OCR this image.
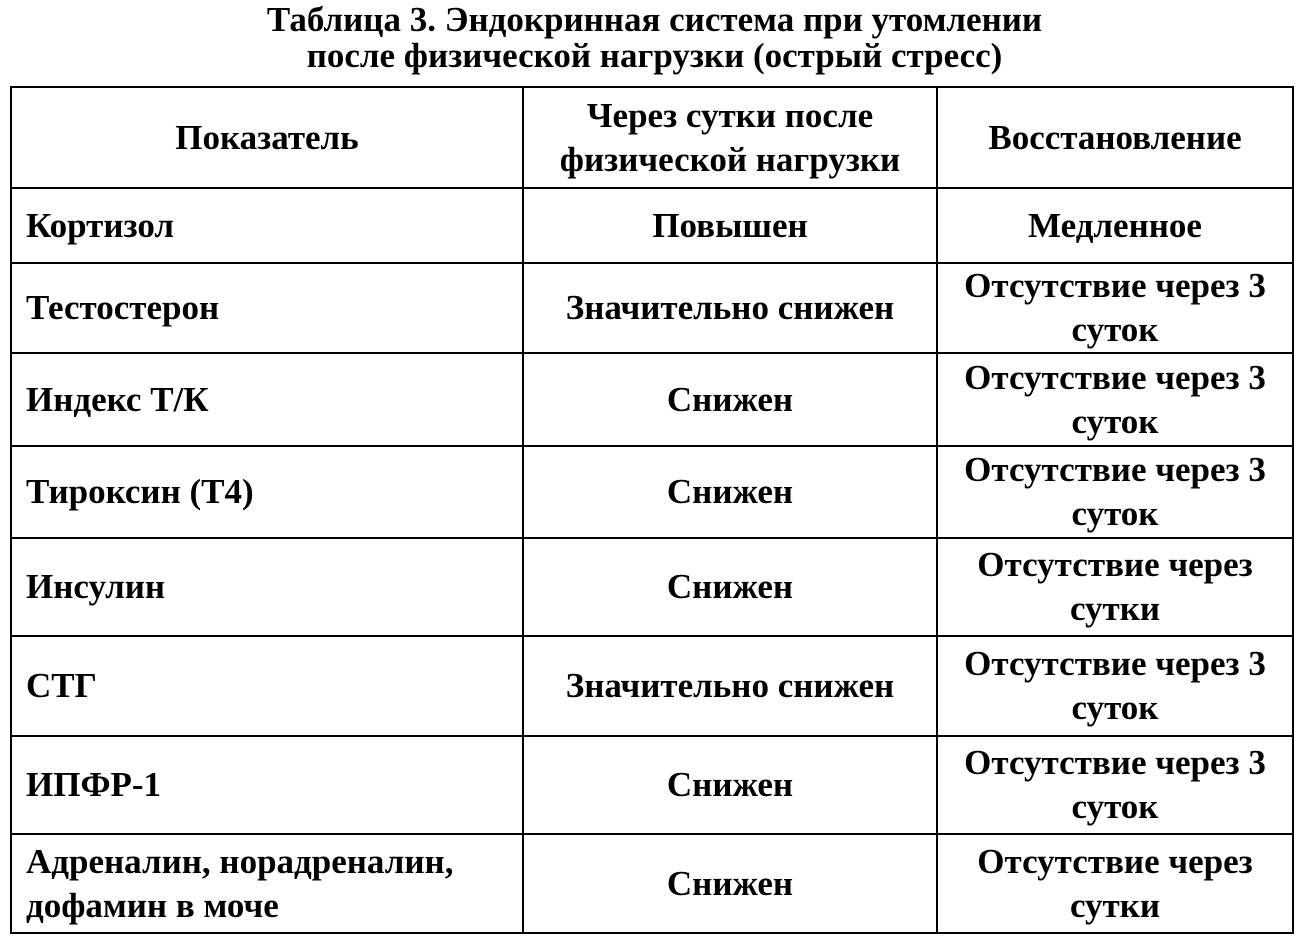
Таблица 3. Эндокринная система при утомлении
после физической нагрузки (острый стресс)
Показатель	Через сутки после физической нагрузки	Восстановление
Кортизол	Повышен	Медленное
Тестостерон	Значительно снижен	Отсутствие через 3 суток
Индекс Т/К	Снижен	Отсутствие через 3 суток
Тироксин (Т4)	Снижен	Отсутствие через 3 суток
Инсулин	Снижен	Отсутствие через сутки
СТГ	Значительно снижен	Отсутствие через 3 суток
ИПФР-1	Снижен	Отсутствие через 3 суток
Адреналин, норадреналин, дофамин в моче	Снижен	Отсутствие через сутки
